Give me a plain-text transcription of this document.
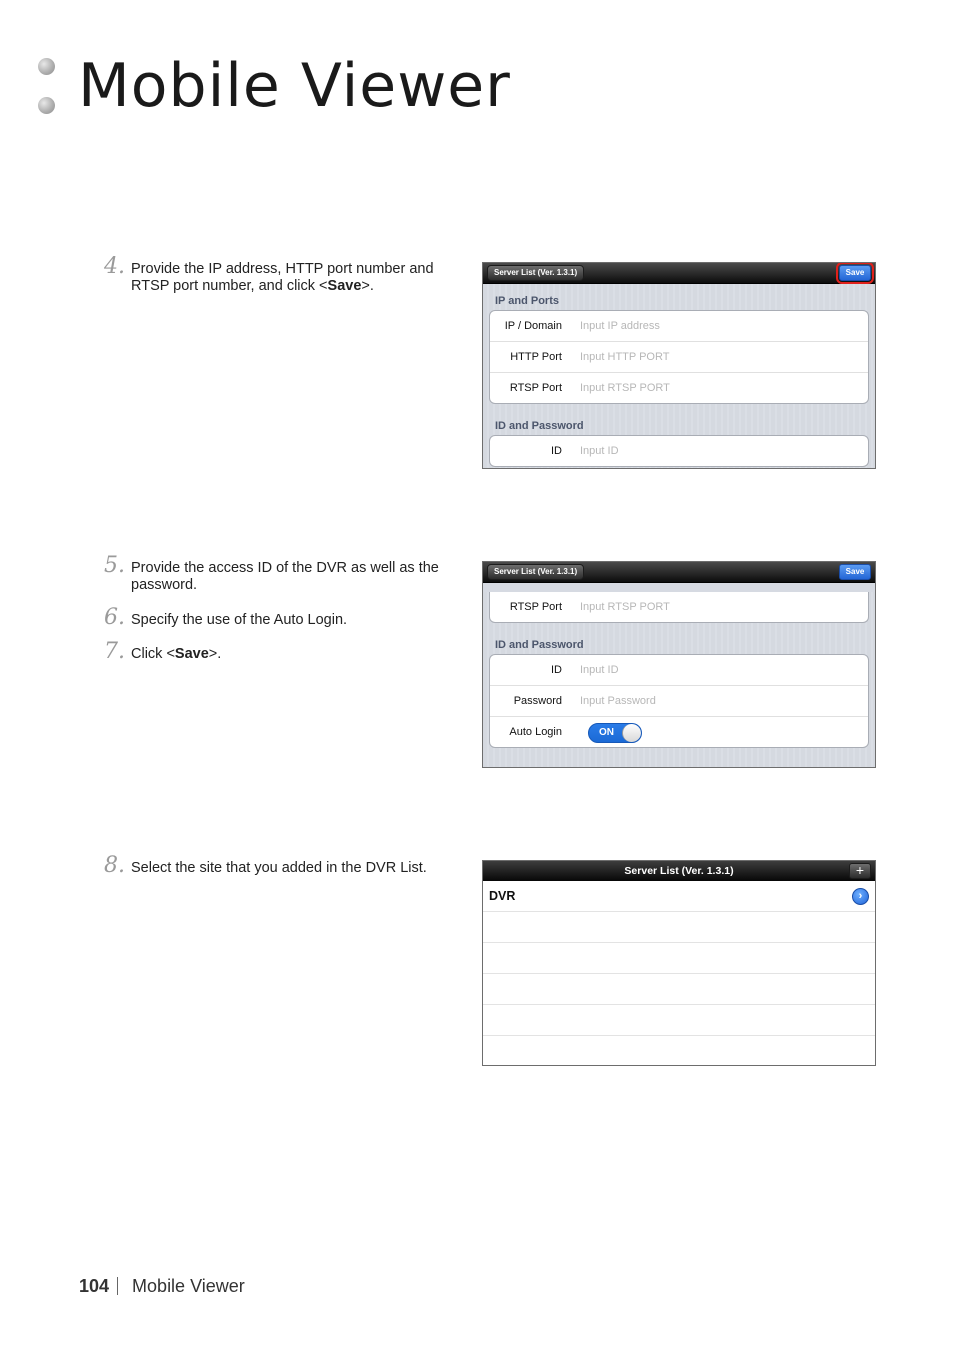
Mobile Viewer
4. Provide the IP address, HTTP port number and RTSP port number, and click <Save>.
Server List (Ver. 1.3.1)	Save
IP and Ports
IP / Domain Input IP address
HTTP Port Input HTTP PORT
RTSP Port Input RTSP PORT
ID and Password
ID Input ID
5. Provide the access ID of the DVR as well as the password.
6. Specify the use of the Auto Login.
7. Click <Save>.
Server List (Ver. 1.3.1)	Save
RTSP Port Input RTSP PORT
ID and Password
ID Input ID
Password Input Password
Auto Login	ON
8. Select the site that you added in the DVR List.	Server List (Ver. 1.3.1)	+
DVR	›
104 Mobile Viewer
